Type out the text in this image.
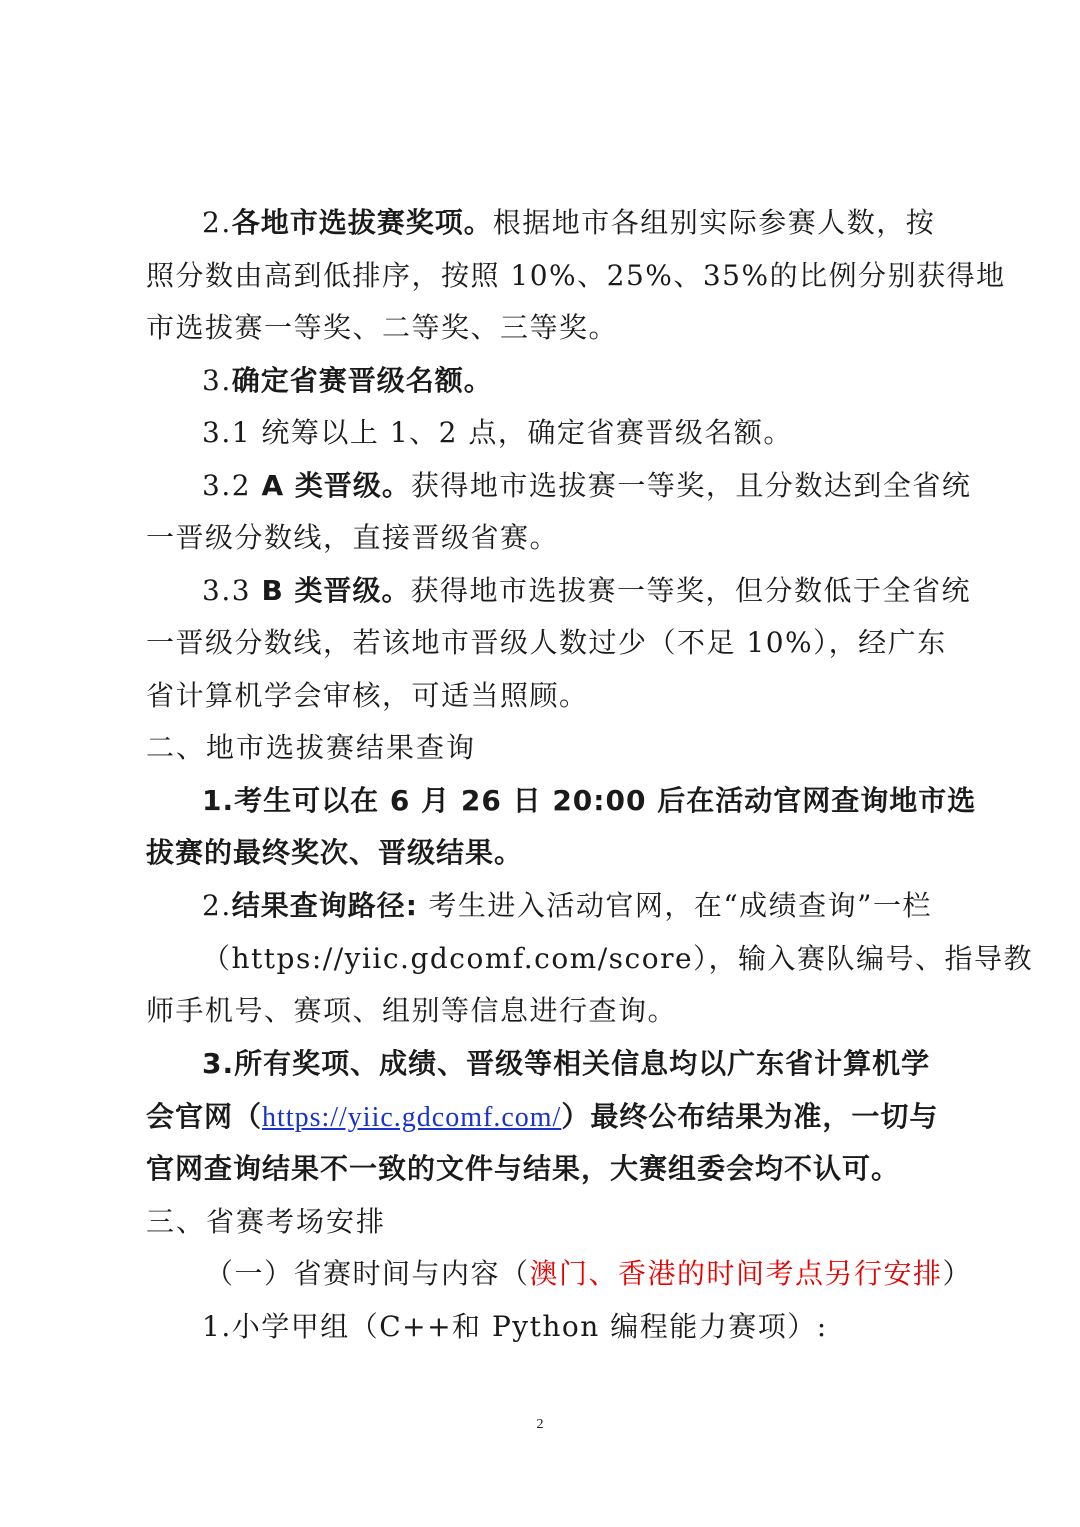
2.各地市选拔赛奖项。根据地市各组别实际参赛人数，按
照分数由高到低排序，按照 10%、25%、35%的比例分别获得地
市选拔赛一等奖、二等奖、三等奖。
3.确定省赛晋级名额。
3.1 统筹以上 1、2 点，确定省赛晋级名额。
3.2 A 类晋级。获得地市选拔赛一等奖，且分数达到全省统
一晋级分数线，直接晋级省赛。
3.3 B 类晋级。获得地市选拔赛一等奖，但分数低于全省统
一晋级分数线，若该地市晋级人数过少（不足 10%），经广东
省计算机学会审核，可适当照顾。
二、地市选拔赛结果查询
1.考生可以在 6 月 26 日 20:00 后在活动官网查询地市选
拔赛的最终奖次、晋级结果。
2.结果查询路径: 考生进入活动官网，在“成绩查询”一栏
（https://yiic.gdcomf.com/score），输入赛队编号、指导教
师手机号、赛项、组别等信息进行查询。
3.所有奖项、成绩、晋级等相关信息均以广东省计算机学
会官网（https://yiic.gdcomf.com/）最终公布结果为准，一切与
官网查询结果不一致的文件与结果，大赛组委会均不认可。
三、省赛考场安排
（一）省赛时间与内容（澳门、香港的时间考点另行安排）
1.小学甲组（C++和 Python 编程能力赛项）:
2
